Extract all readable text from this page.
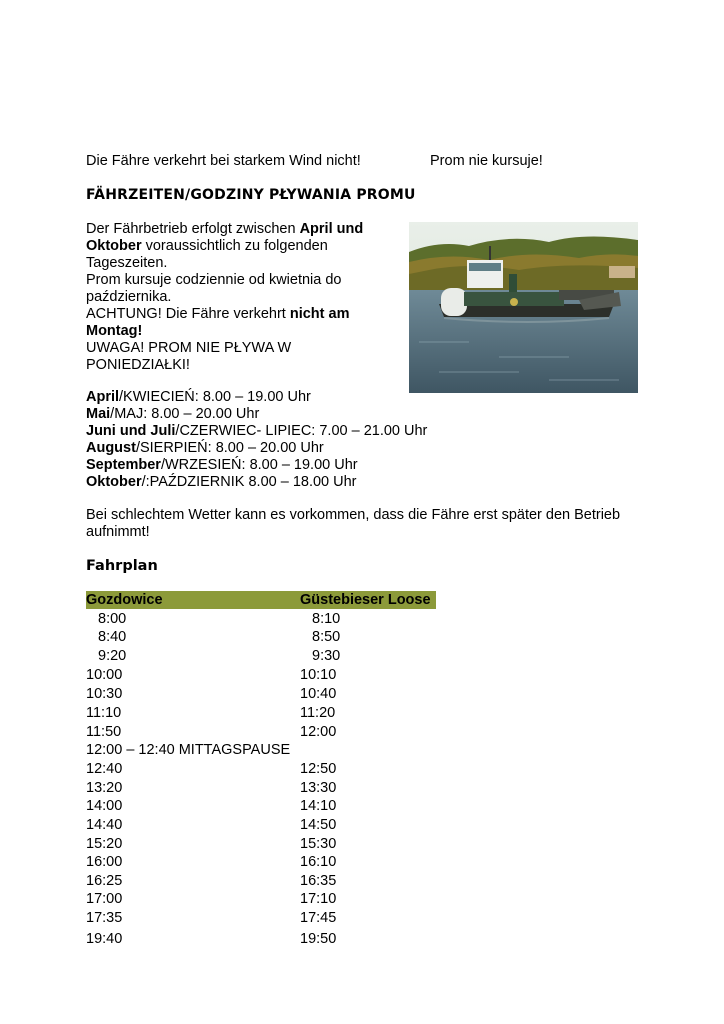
Die Fähre verkehrt bei starkem Wind nicht!	Prom nie kursuje!
FÄHRZEITEN/GODZINY PŁYWANIA PROMU
Der Fährbetrieb erfolgt zwischen April und
Oktober voraussichtlich zu folgenden
Tageszeiten.
Prom kursuje codziennie od kwietnia do
października.
ACHTUNG! Die Fähre verkehrt nicht am
Montag!
UWAGA! PROM NIE PŁYWA W
PONIEDZIAŁKI!
April/KWIECIEŃ: 8.00 – 19.00 Uhr
Mai/MAJ: 8.00 – 20.00 Uhr
Juni und Juli/CZERWIEC- LIPIEC: 7.00 – 21.00 Uhr
August/SIERPIEŃ: 8.00 – 20.00 Uhr
September/WRZESIEŃ: 8.00 – 19.00 Uhr
Oktober/:PAŹDZIERNIK 8.00 – 18.00 Uhr
Bei schlechtem Wetter kann es vorkommen, dass die Fähre erst später den Betrieb
aufnimmt!
Fahrplan
Gozdowice	Güstebieser Loose
8:00	8:10
8:40	8:50
9:20	9:30
10:00	10:10
10:30	10:40
11:10	11:20
11:50	12:00
12:00 – 12:40 MITTAGSPAUSE
12:40	12:50
13:20	13:30
14:00	14:10
14:40	14:50
15:20	15:30
16:00	16:10
16:25	16:35
17:00	17:10
17:35	17:45
19:40	19:50
